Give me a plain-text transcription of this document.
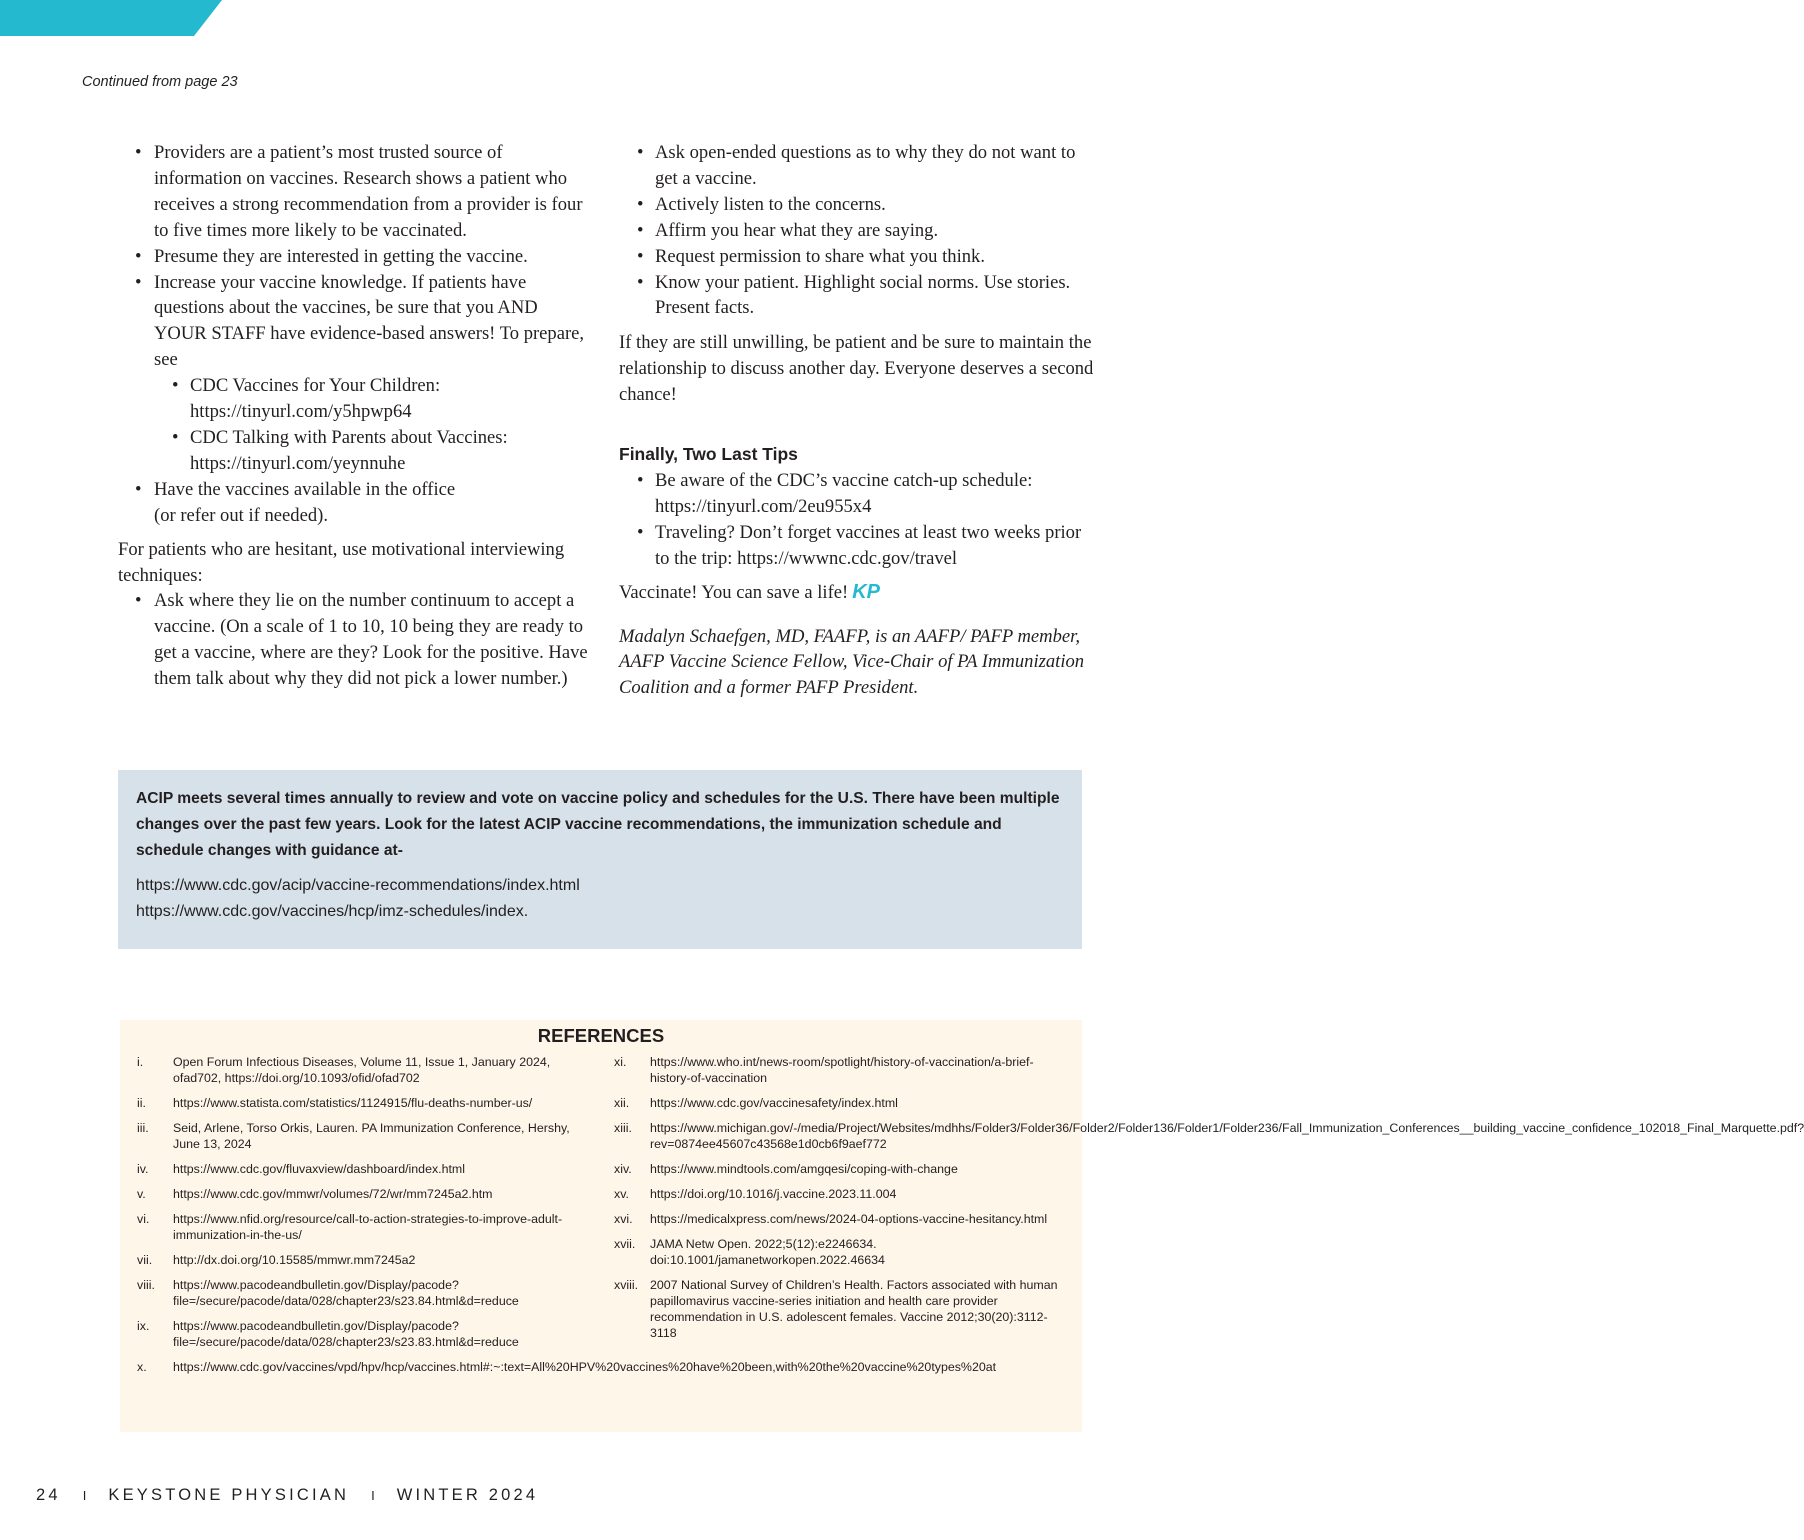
Continued from page 23
• Providers are a patient’s most trusted source of information on vaccines. Research shows a patient who receives a strong recommendation from a provider is four to five times more likely to be vaccinated.
• Presume they are interested in getting the vaccine.
• Increase your vaccine knowledge. If patients have questions about the vaccines, be sure that you AND YOUR STAFF have evidence-based answers! To prepare, see
• CDC Vaccines for Your Children:
https://tinyurl.com/y5hpwp64
• CDC Talking with Parents about Vaccines:
https://tinyurl.com/yeynnuhe
• Have the vaccines available in the office
(or refer out if needed).

For patients who are hesitant, use motivational interviewing techniques:

• Ask where they lie on the number continuum to accept a vaccine. (On a scale of 1 to 10, 10 being they are ready to get a vaccine, where are they? Look for the positive. Have them talk about why they did not pick a lower number.)
• Ask open-ended questions as to why they do not want to get a vaccine.
• Actively listen to the concerns.
• Affirm you hear what they are saying.
• Request permission to share what you think.
• Know your patient. Highlight social norms. Use stories. Present facts.

If they are still unwilling, be patient and be sure to maintain the relationship to discuss another day. Everyone deserves a second chance!

Finally, Two Last Tips

• Be aware of the CDC’s vaccine catch-up schedule: https://tinyurl.com/2eu955x4
• Traveling? Don’t forget vaccines at least two weeks prior to the trip: https://wwwnc.cdc.gov/travel

Vaccinate! You can save a life! KP

Madalyn Schaefgen, MD, FAAFP, is an AAFP/ PAFP member, AAFP Vaccine Science Fellow, Vice-Chair of PA Immunization Coalition and a former PAFP President.

ACIP meets several times annually to review and vote on vaccine policy and schedules for the U.S. There have been multiple changes over the past few years. Look for the latest ACIP vaccine recommendations, the immunization schedule and schedule changes with guidance at-

https://www.cdc.gov/acip/vaccine-recommendations/index.html
https://www.cdc.gov/vaccines/hcp/imz-schedules/index.
REFERENCES
i. Open Forum Infectious Diseases, Volume 11, Issue 1, January 2024, ofad702, https://doi.org/10.1093/ofid/ofad702
ii. https://www.statista.com/statistics/1124915/flu-deaths-number-us/
iii. Seid, Arlene, Torso Orkis, Lauren. PA Immunization Conference, Hershy, June 13, 2024
iv. https://www.cdc.gov/fluvaxview/dashboard/index.html
v. https://www.cdc.gov/mmwr/volumes/72/wr/mm7245a2.htm
vi. https://www.nfid.org/resource/call-to-action-strategies-to-improve-adult-immunization-in-the-us/
vii. http://dx.doi.org/10.15585/mmwr.mm7245a2
viii. https://www.pacodeandbulletin.gov/Display/pacode?file=/secure/pacode/data/028/chapter23/s23.84.html&d=reduce
ix. https://www.pacodeandbulletin.gov/Display/pacode?file=/secure/pacode/data/028/chapter23/s23.83.html&d=reduce
x. https://www.cdc.gov/vaccines/vpd/hpv/hcp/vaccines.html#:~:text=All%20HPV%20vaccines%20have%20been,with%20the%20vaccine%20types%20at
xi. https://www.who.int/news-room/spotlight/history-of-vaccination/a-brief-history-of-vaccination
xii. https://www.cdc.gov/vaccinesafety/index.html
xiii. https://www.michigan.gov/-/media/Project/Websites/mdhhs/Folder3/Folder36/Folder2/Folder136/Folder1/Folder236/Fall_Immunization_Conferences__building_vaccine_confidence_102018_Final_Marquette.pdf?rev=0874ee45607c43568e1d0cb6f9aef772
xiv. https://www.mindtools.com/amgqesi/coping-with-change
xv. https://doi.org/10.1016/j.vaccine.2023.11.004
xvi. https://medicalxpress.com/news/2024-04-options-vaccine-hesitancy.html
xvii. JAMA Netw Open. 2022;5(12):e2246634. doi:10.1001/jamanetworkopen.2022.46634
xviii. 2007 National Survey of Children’s Health. Factors associated with human papillomavirus vaccine-series initiation and health care provider recommendation in U.S. adolescent females. Vaccine 2012;30(20):3112-3118
24 I KEYSTONE PHYSICIAN I WINTER 2024
